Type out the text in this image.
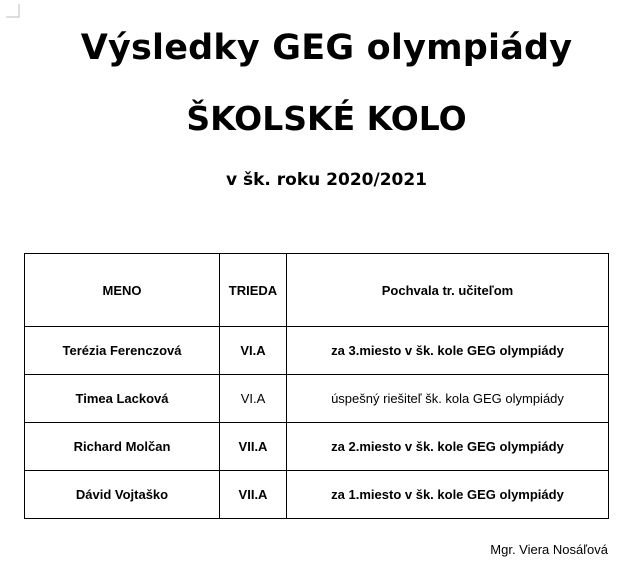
Výsledky GEG olympiády
ŠKOLSKÉ KOLO

v šk. roku 2020/2021

MENO	TRIEDA	Pochvala tr. učiteľom
Terézia Ferenczová	VI.A	za 3.miesto v šk. kole GEG olympiády
Timea Lacková	VI.A	úspešný riešiteľ šk. kola GEG olympiády
Richard Molčan	VII.A	za 2.miesto v šk. kole GEG olympiády
Dávid Vojtaško	VII.A	za 1.miesto v šk. kole GEG olympiády
Mgr. Viera Nosáľová
